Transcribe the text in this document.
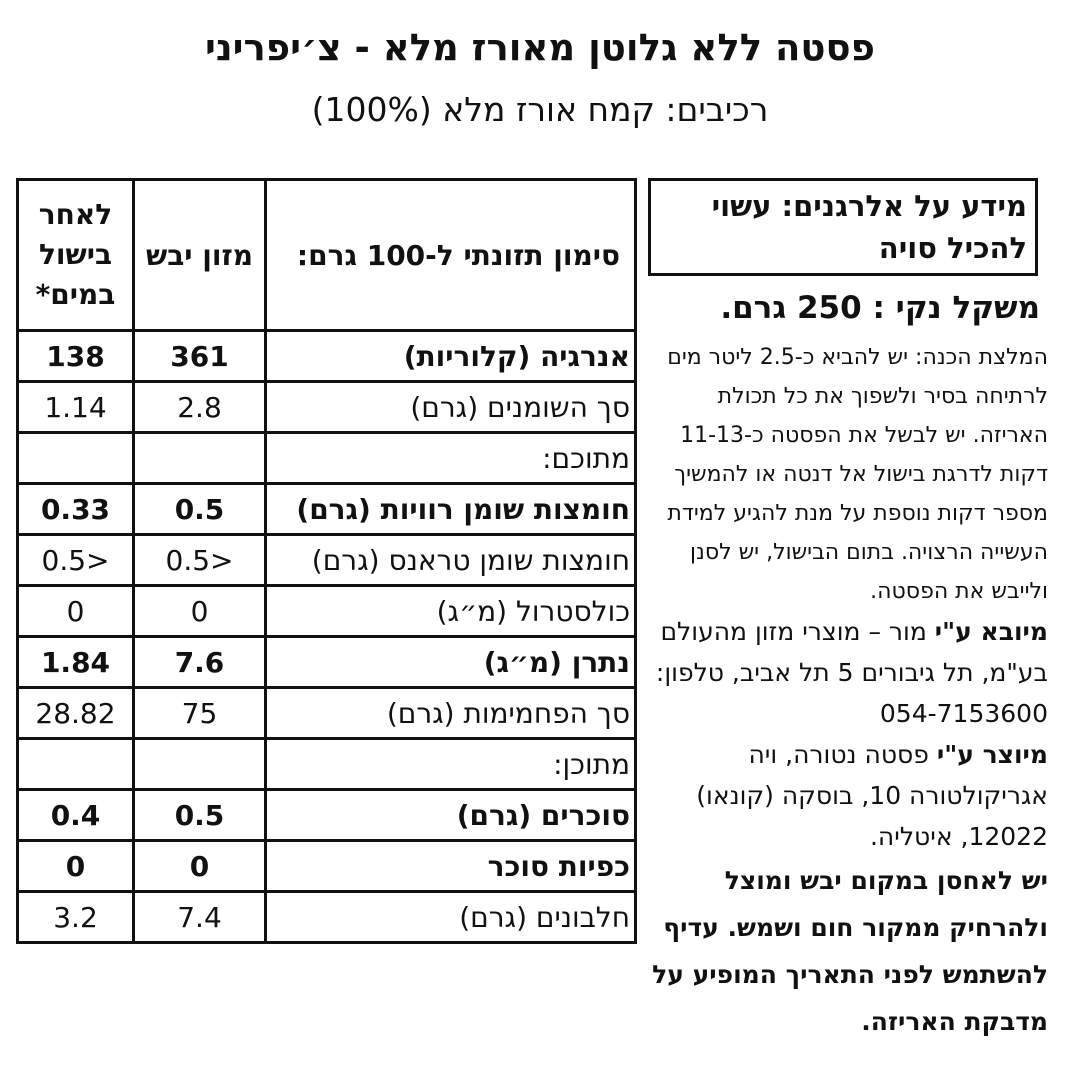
פסטה ללא גלוטן מאורז מלא - צ׳יפריני

רכיבים: קמח אורז מלא (100%)

סימון תזונתי ל-100 גרם:	מזון יבש	לאחר בישול במים*
אנרגיה (קלוריות)	361	138
סך השומנים (גרם)	2.8	1.14
מתוכם:		
חומצות שומן רוויות (גרם)	0.5	0.33
חומצות שומן טראנס (גרם)	0.5>	0.5>
כולסטרול (מ״ג)	0	0
נתרן (מ״ג)	7.6	1.84
סך הפחמימות (גרם)	75	28.82
מתוכן:		
סוכרים (גרם)	0.5	0.4
כפיות סוכר	0	0
חלבונים (גרם)	7.4	3.2
מידע על אלרגנים: עשוי להכיל סויה

משקל נקי : 250 גרם.

המלצת הכנה: יש להביא כ-2.5 ליטר מים לרתיחה בסיר ולשפוך את כל תכולת האריזה. יש לבשל את הפסטה כ-11-13 דקות לדרגת בישול אל דנטה או להמשיך מספר דקות נוספת על מנת להגיע למידת העשייה הרצויה. בתום הבישול, יש לסנן ולייבש את הפסטה.

מיובא ע"י מור – מוצרי מזון מהעולם בע"מ, תל גיבורים 5 תל אביב, טלפון: 054-7153600

מיוצר ע"י פסטה נטורה, ויה אגריקולטורה 10, בוסקה (קונאו) 12022, איטליה.

יש לאחסן במקום יבש ומוצל ולהרחיק ממקור חום ושמש. עדיף להשתמש לפני התאריך המופיע על מדבקת האריזה.
